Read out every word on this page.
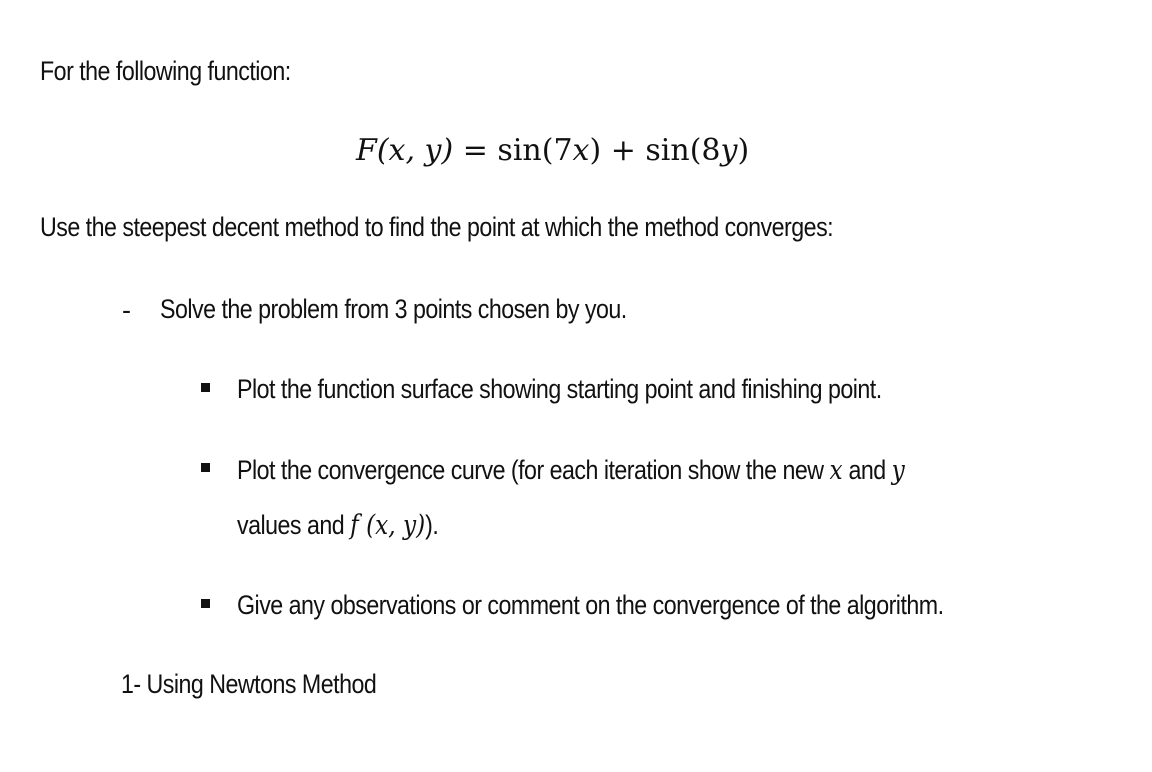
For the following function:
F(x, y) = sin(7x) + sin(8y)
Use the steepest decent method to find the point at which the method converges:
- Solve the problem from 3 points chosen by you.
Plot the function surface showing starting point and finishing point.
Plot the convergence curve (for each iteration show the new x and y
values and f (x, y)).
Give any observations or comment on the convergence of the algorithm.
1- Using Newtons Method
